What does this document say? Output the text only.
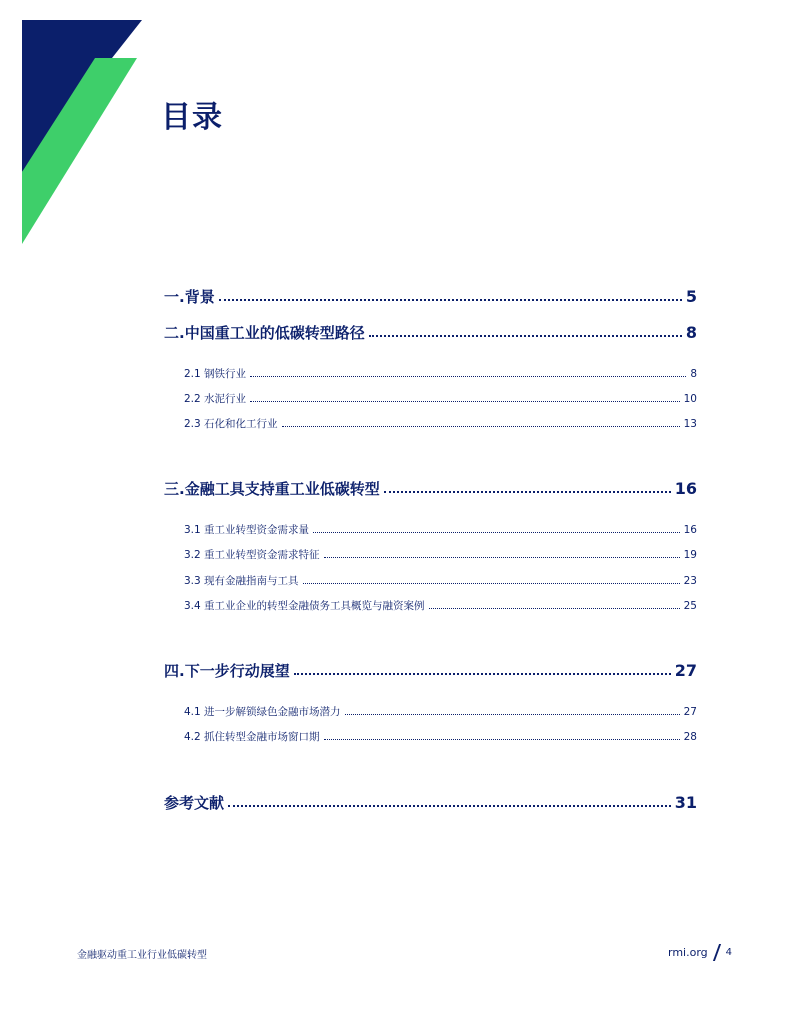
目录
一.背景	5
二.中国重工业的低碳转型路径	8
2.1 钢铁行业	8
2.2 水泥行业	10
2.3 石化和化工行业	13
三.金融工具支持重工业低碳转型	16
3.1 重工业转型资金需求量	16
3.2 重工业转型资金需求特征	19
3.3 现有金融指南与工具	23
3.4 重工业企业的转型金融债务工具概览与融资案例	25
四.下一步行动展望	27
4.1 进一步解锁绿色金融市场潜力	27
4.2 抓住转型金融市场窗口期	28
参考文献	31
金融驱动重工业行业低碳转型	rmi.org 4
